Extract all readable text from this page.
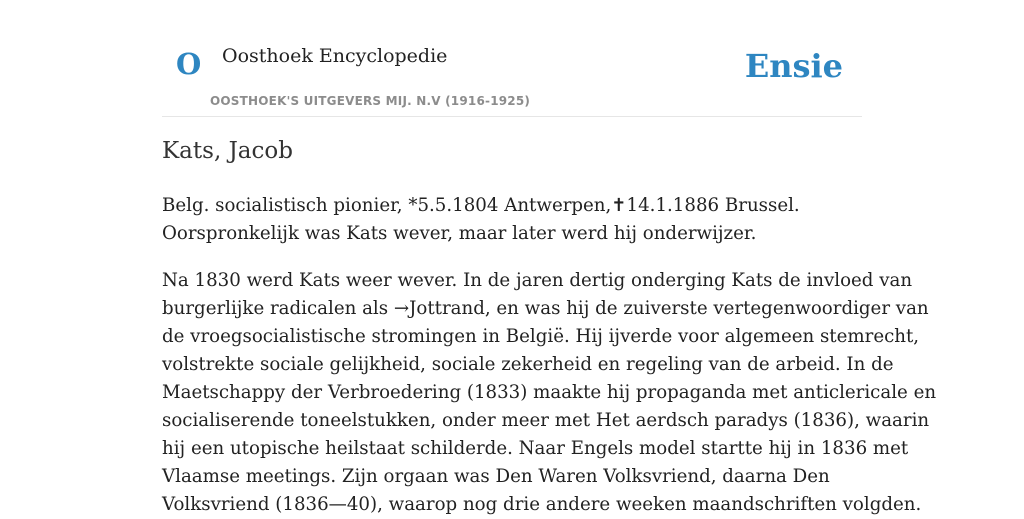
O Oosthoek Encyclopedie
OOSTHOEK'S UITGEVERS MIJ. N.V (1916-1925)
Ensie
Kats, Jacob

Belg. socialistisch pionier, *5.5.1804 Antwerpen,✝14.1.1886 Brussel.
Oorspronkelijk was Kats wever, maar later werd hij onderwijzer.

Na 1830 werd Kats weer wever. In de jaren dertig onderging Kats de invloed van
burgerlijke radicalen als →Jottrand, en was hij de zuiverste vertegenwoordiger van
de vroegsocialistische stromingen in België. Hij ijverde voor algemeen stemrecht,
volstrekte sociale gelijkheid, sociale zekerheid en regeling van de arbeid. In de
Maetschappy der Verbroedering (1833) maakte hij propaganda met anticlericale en
socialiserende toneelstukken, onder meer met Het aerdsch paradys (1836), waarin
hij een utopische heilstaat schilderde. Naar Engels model startte hij in 1836 met
Vlaamse meetings. Zijn orgaan was Den Waren Volksvriend, daarna Den
Volksvriend (1836—40), waarop nog drie andere weeken maandschriften volgden.
